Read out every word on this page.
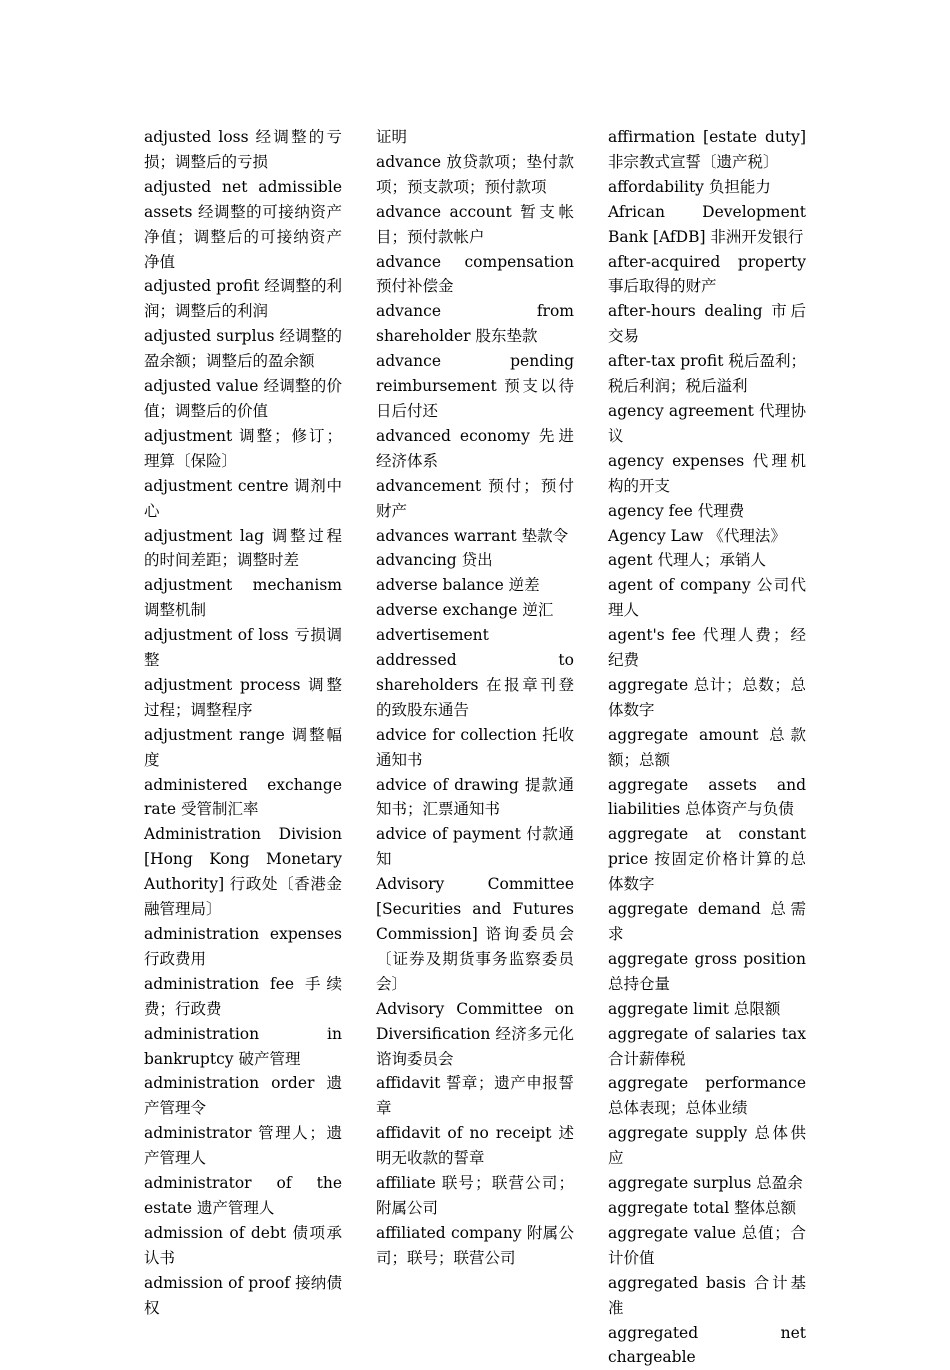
adjusted loss 经调整的亏损；调整后的亏损

adjusted net admissible assets 经调整的可接纳资产净值；调整后的可接纳资产净值

adjusted profit 经调整的利润；调整后的利润

adjusted surplus 经调整的盈余额；调整后的盈余额

adjusted value 经调整的价值；调整后的价值

adjustment 调整；修订；理算〔保险〕

adjustment centre 调剂中心

adjustment lag 调整过程的时间差距；调整时差

adjustment mechanism 调整机制

adjustment of loss 亏损调整

adjustment process 调整过程；调整程序

adjustment range 调整幅度

administered exchange rate 受管制汇率

Administration Division [Hong Kong Monetary Authority] 行政处〔香港金融管理局〕

administration expenses 行政费用

administration fee 手续费；行政费

administration in bankruptcy 破产管理

administration order 遗产管理令

administrator 管理人；遗产管理人

administrator of the estate 遗产管理人

admission of debt 债项承认书

admission of proof 接纳债权

证明

advance 放贷款项；垫付款项；预支款项；预付款项

advance account 暂支帐目；预付款帐户

advance compensation 预付补偿金

advance from shareholder 股东垫款

advance pending reimbursement 预支以待日后付还

advanced economy 先进经济体系

advancement 预付；预付财产

advances warrant 垫款令

advancing 贷出

adverse balance 逆差

adverse exchange 逆汇

advertisement addressed to shareholders 在报章刊登的致股东通告

advice for collection 托收通知书

advice of drawing 提款通知书；汇票通知书

advice of payment 付款通知

Advisory Committee [Securities and Futures Commission] 谘询委员会〔证券及期货事务监察委员会〕

Advisory Committee on Diversification 经济多元化谘询委员会

affidavit 誓章；遗产申报誓章

affidavit of no receipt 述明无收款的誓章

affiliate 联号；联营公司；附属公司

affiliated company 附属公司；联号；联营公司

affirmation [estate duty] 非宗教式宣誓〔遗产税〕

affordability 负担能力

African Development Bank [AfDB] 非洲开发银行

after-acquired property 事后取得的财产

after-hours dealing 市后交易

after-tax profit 税后盈利；税后利润；税后溢利

agency agreement 代理协议

agency expenses 代理机构的开支

agency fee 代理费

Agency Law 《代理法》

agent 代理人；承销人

agent of company 公司代理人

agent's fee 代理人费；经纪费

aggregate 总计；总数；总体数字

aggregate amount 总款额；总额

aggregate assets and liabilities 总体资产与负债

aggregate at constant price 按固定价格计算的总体数字

aggregate demand 总需求

aggregate gross position 总持仓量

aggregate limit 总限额

aggregate of salaries tax 合计薪俸税

aggregate performance 总体表现；总体业绩

aggregate supply 总体供应

aggregate surplus 总盈余

aggregate total 整体总额

aggregate value 总值；合计价值

aggregated basis 合计基准

aggregated net chargeable
